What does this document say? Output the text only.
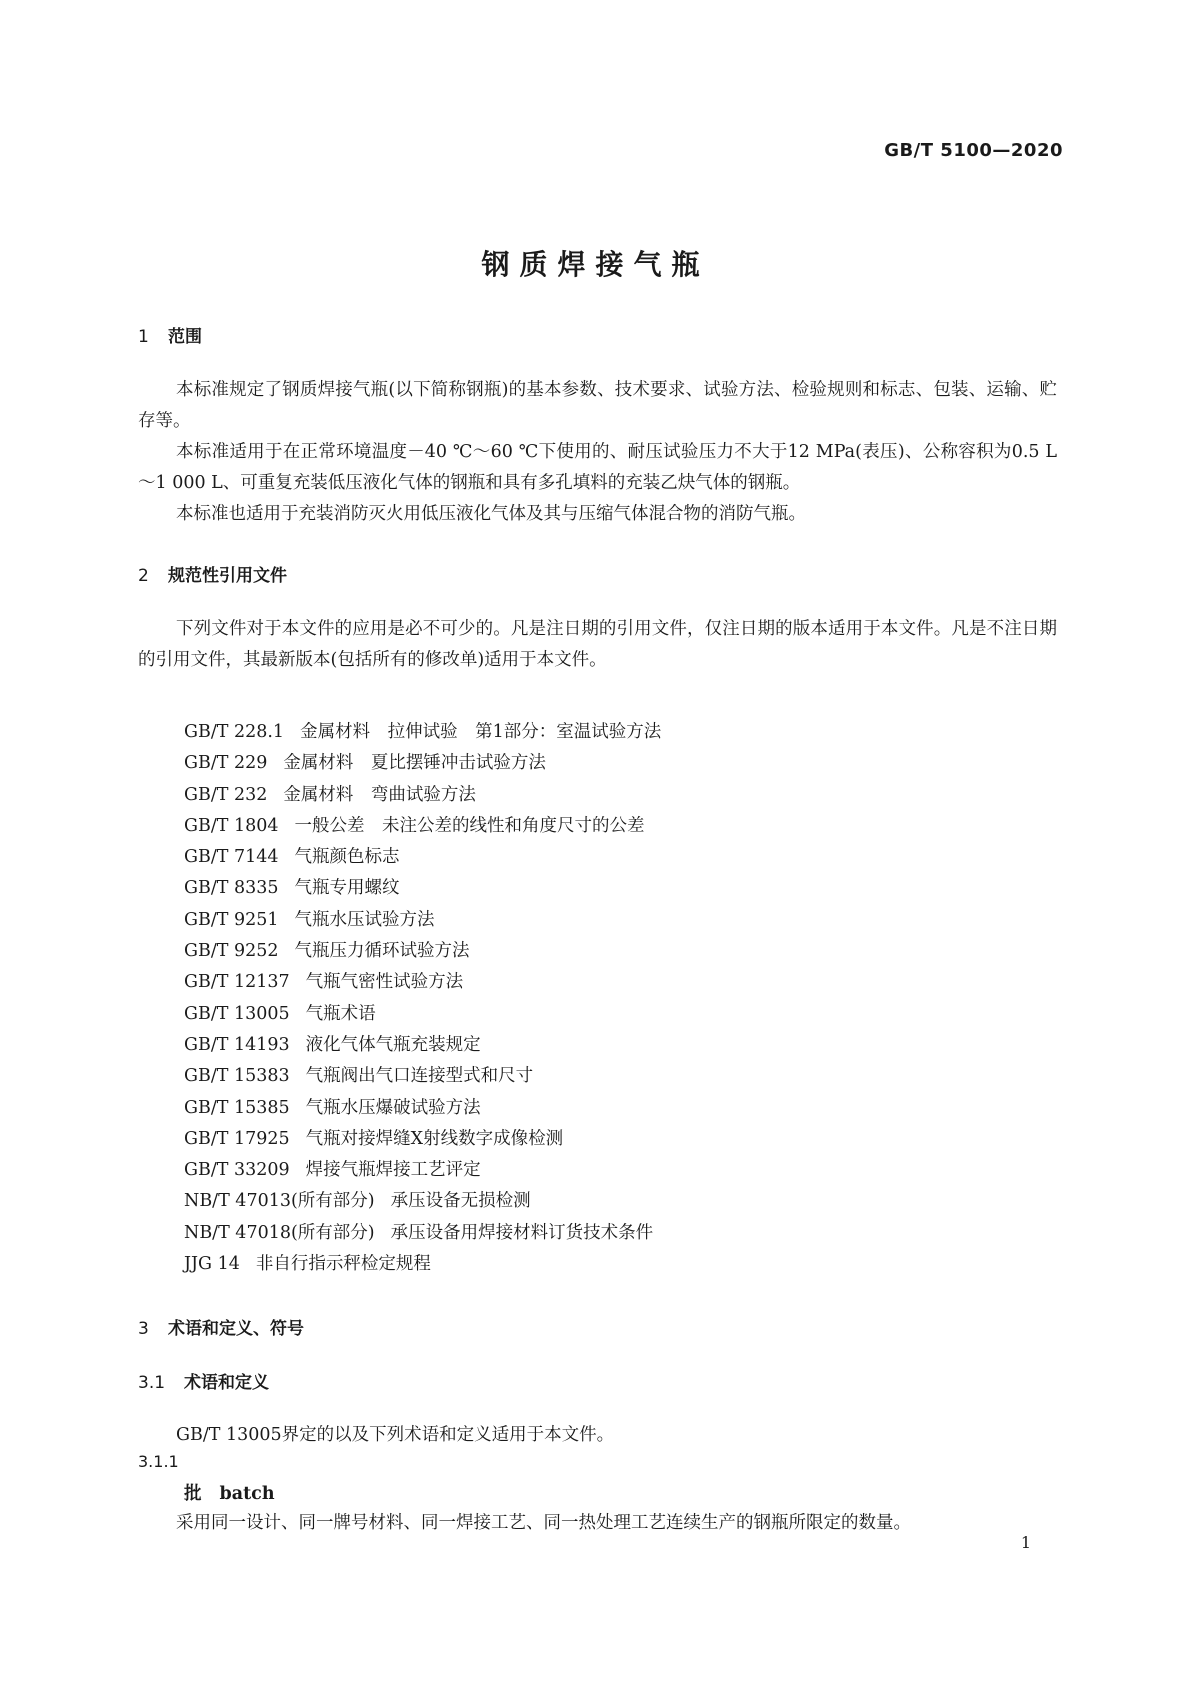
GB/T 5100—2020
钢质焊接气瓶
1 范围
本标准规定了钢质焊接气瓶(以下简称钢瓶)的基本参数、技术要求、试验方法、检验规则和标志、包装、运输、贮存等。
本标准适用于在正常环境温度－40 ℃～60 ℃下使用的、耐压试验压力不大于12 MPa(表压)、公称容积为0.5 L～1 000 L、可重复充装低压液化气体的钢瓶和具有多孔填料的充装乙炔气体的钢瓶。
本标准也适用于充装消防灭火用低压液化气体及其与压缩气体混合物的消防气瓶。
2 规范性引用文件
下列文件对于本文件的应用是必不可少的。凡是注日期的引用文件，仅注日期的版本适用于本文件。凡是不注日期的引用文件，其最新版本(包括所有的修改单)适用于本文件。
GB/T 228.1 金属材料　拉伸试验　第1部分：室温试验方法
GB/T 229 金属材料　夏比摆锤冲击试验方法
GB/T 232 金属材料　弯曲试验方法
GB/T 1804 一般公差　未注公差的线性和角度尺寸的公差
GB/T 7144 气瓶颜色标志
GB/T 8335 气瓶专用螺纹
GB/T 9251 气瓶水压试验方法
GB/T 9252 气瓶压力循环试验方法
GB/T 12137 气瓶气密性试验方法
GB/T 13005 气瓶术语
GB/T 14193 液化气体气瓶充装规定
GB/T 15383 气瓶阀出气口连接型式和尺寸
GB/T 15385 气瓶水压爆破试验方法
GB/T 17925 气瓶对接焊缝X射线数字成像检测
GB/T 33209 焊接气瓶焊接工艺评定
NB/T 47013(所有部分) 承压设备无损检测
NB/T 47018(所有部分) 承压设备用焊接材料订货技术条件
JJG 14 非自行指示秤检定规程
3 术语和定义、符号
3.1 术语和定义
GB/T 13005界定的以及下列术语和定义适用于本文件。
3.1.1
批 batch
采用同一设计、同一牌号材料、同一焊接工艺、同一热处理工艺连续生产的钢瓶所限定的数量。
1
